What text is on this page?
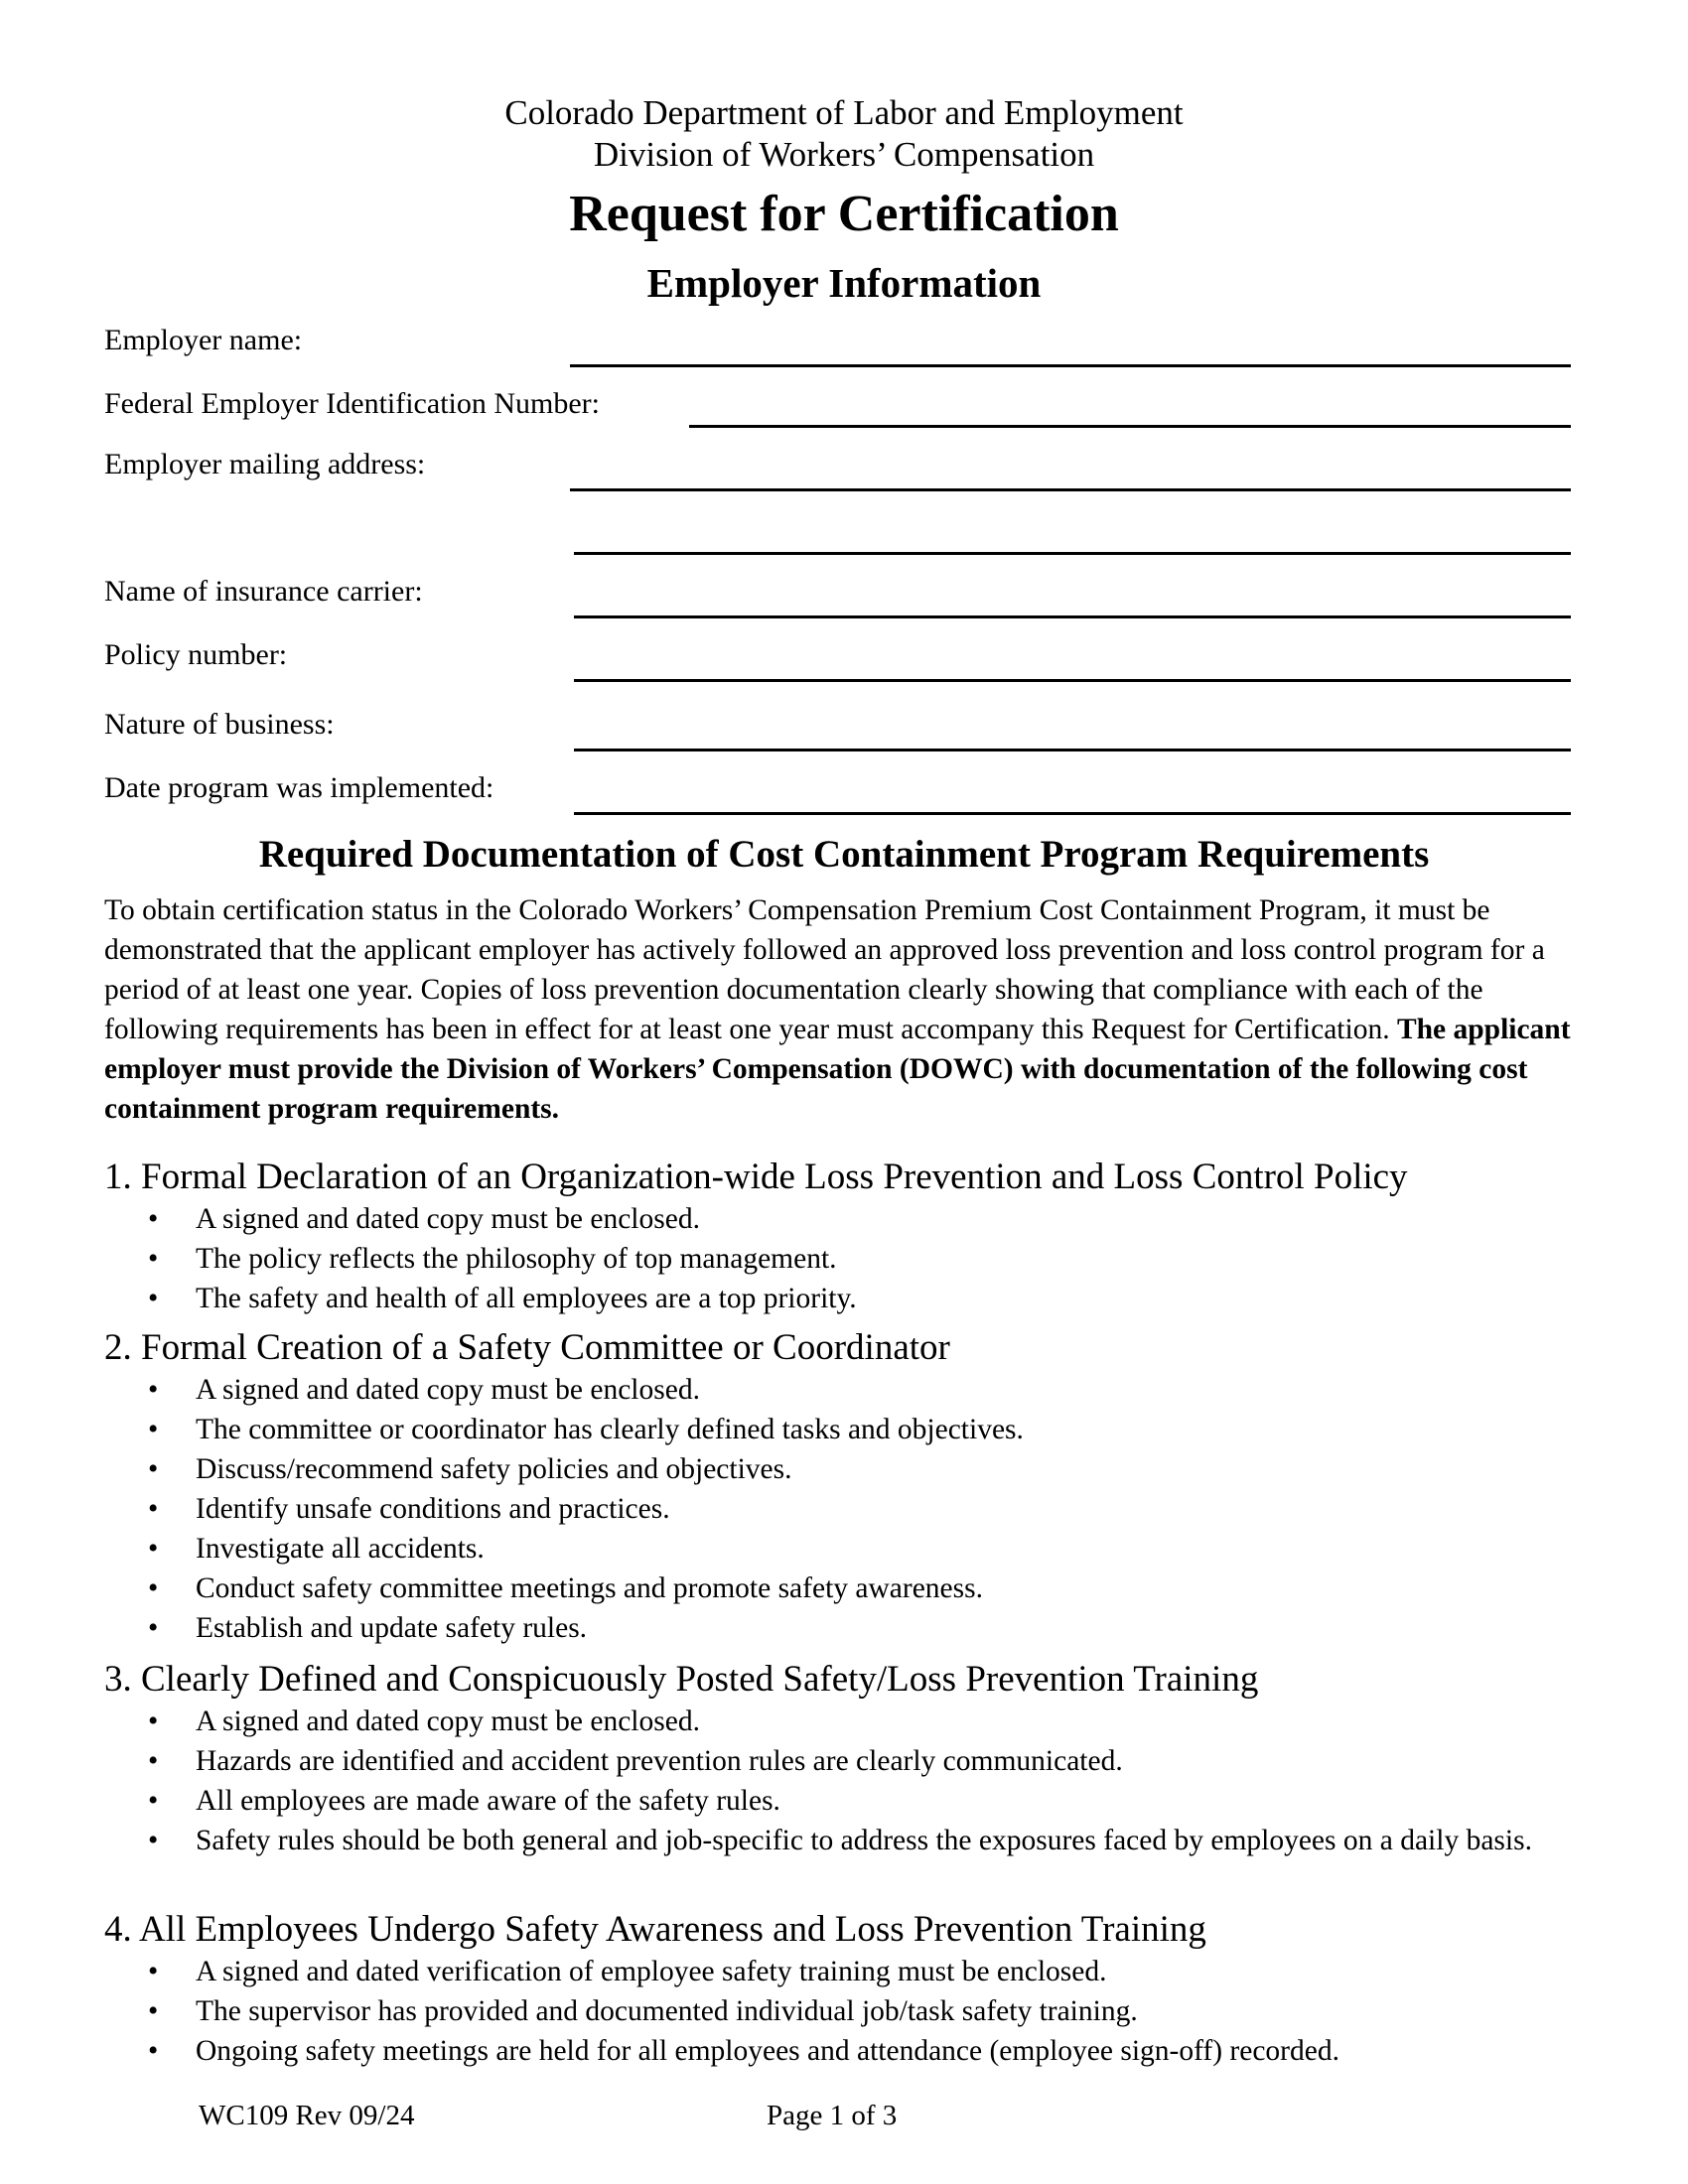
Colorado Department of Labor and Employment
Division of Workers’ Compensation
Request for Certification
Employer Information
Employer name:
Federal Employer Identification Number:
Employer mailing address:
Name of insurance carrier:
Policy number:
Nature of business:
Date program was implemented:
Required Documentation of Cost Containment Program Requirements
To obtain certification status in the Colorado Workers’ Compensation Premium Cost Containment Program, it must be demonstrated that the applicant employer has actively followed an approved loss prevention and loss control program for a period of at least one year. Copies of loss prevention documentation clearly showing that compliance with each of the following requirements has been in effect for at least one year must accompany this Request for Certification. The applicant employer must provide the Division of Workers’ Compensation (DOWC) with documentation of the following cost containment program requirements.
1. Formal Declaration of an Organization-wide Loss Prevention and Loss Control Policy
• A signed and dated copy must be enclosed.
• The policy reflects the philosophy of top management.
• The safety and health of all employees are a top priority.
2. Formal Creation of a Safety Committee or Coordinator
• A signed and dated copy must be enclosed.
• The committee or coordinator has clearly defined tasks and objectives.
• Discuss/recommend safety policies and objectives.
• Identify unsafe conditions and practices.
• Investigate all accidents.
• Conduct safety committee meetings and promote safety awareness.
• Establish and update safety rules.
3. Clearly Defined and Conspicuously Posted Safety/Loss Prevention Training
• A signed and dated copy must be enclosed.
• Hazards are identified and accident prevention rules are clearly communicated.
• All employees are made aware of the safety rules.
• Safety rules should be both general and job-specific to address the exposures faced by employees on a daily basis.
4. All Employees Undergo Safety Awareness and Loss Prevention Training
• A signed and dated verification of employee safety training must be enclosed.
• The supervisor has provided and documented individual job/task safety training.
• Ongoing safety meetings are held for all employees and attendance (employee sign-off) recorded.
WC109 Rev 09/24	Page 1 of 3
